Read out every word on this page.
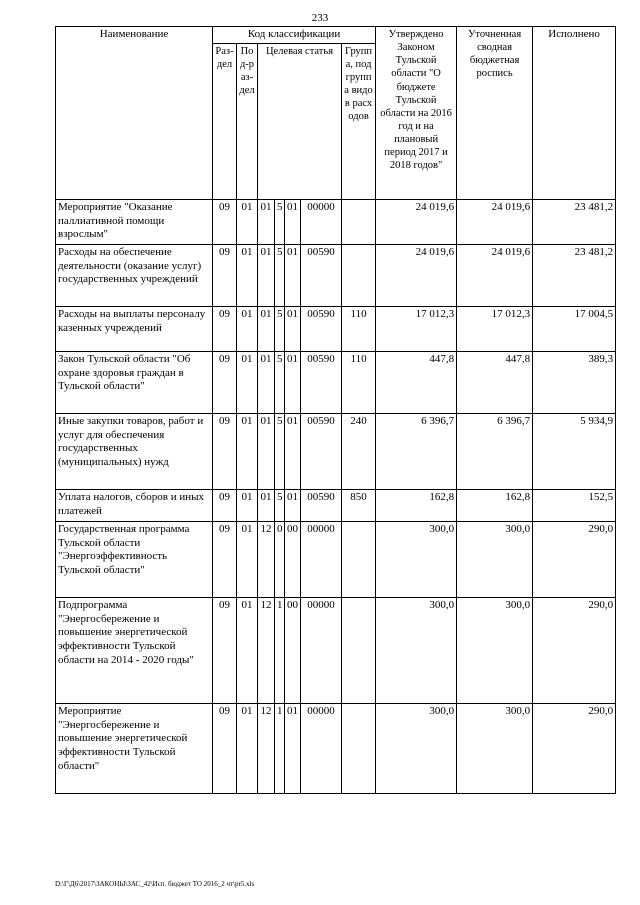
233
Наименование	Код классификации							Утверждено Законом Тульской области "О бюджете Тульской области на 2016 год и на плановый период 2017 и 2018 годов"	Уточненная сводная бюджетная роспись	Исполнено
	Раз-дел	Под-раз-дел	Целевая статья				Группа, подгруппа видов расходов			
Мероприятие "Оказание паллиативной помощи взрослым"	09	01	01	5	01	00000		24 019,6	24 019,6	23 481,2
Расходы на обеспечение деятельности (оказание услуг) государственных учреждений	09	01	01	5	01	00590		24 019,6	24 019,6	23 481,2
Расходы на выплаты персоналу казенных учреждений	09	01	01	5	01	00590	110	17 012,3	17 012,3	17 004,5
Закон Тульской области "Об охране здоровья граждан в Тульской области"	09	01	01	5	01	00590	110	447,8	447,8	389,3
Иные закупки товаров, работ и услуг для обеспечения государственных (муниципальных) нужд	09	01	01	5	01	00590	240	6 396,7	6 396,7	5 934,9
Уплата налогов, сборов и иных платежей	09	01	01	5	01	00590	850	162,8	162,8	152,5
Государственная программа Тульской области "Энергоэффективность Тульской области"	09	01	12	0	00	00000		300,0	300,0	290,0
Подпрограмма "Энергосбережение и повышение энергетической эффективности Тульской области на 2014 - 2020 годы"	09	01	12	1	00	00000		300,0	300,0	290,0
Мероприятие "Энергосбережение и повышение энергетической эффективности Тульской области"	09	01	12	1	01	00000		300,0	300,0	290,0
D:\Г\Д6\2017\ЗАКОНЫ\ЗАС_42\Исп. бюджет ТО 2016_2 чт\pr5.xls
